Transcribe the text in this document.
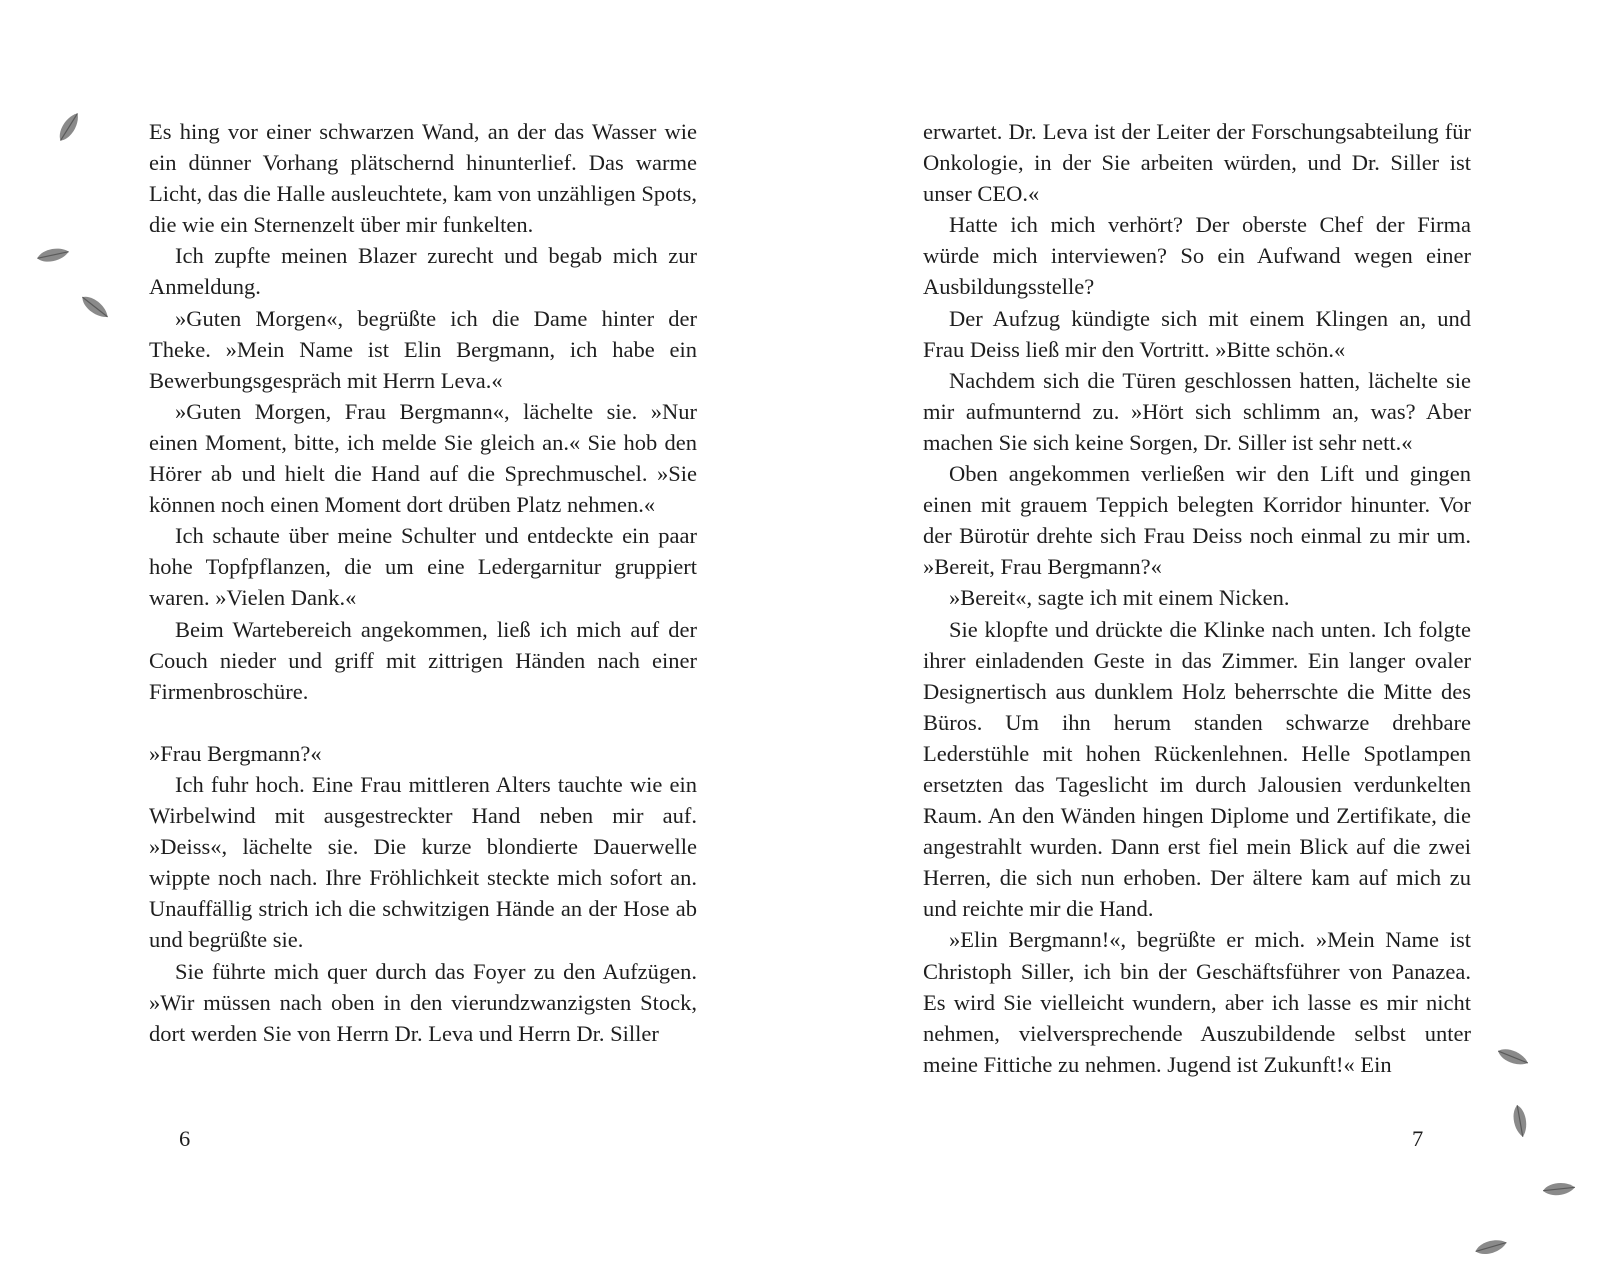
Es hing vor einer schwarzen Wand, an der das Wasser wie ein dünner Vorhang plätschernd hinunterlief. Das warme Licht, das die Halle ausleuchtete, kam von unzähligen Spots, die wie ein Sternenzelt über mir funkelten.

Ich zupfte meinen Blazer zurecht und begab mich zur Anmeldung.

»Guten Morgen«, begrüßte ich die Dame hinter der Theke. »Mein Name ist Elin Bergmann, ich habe ein Bewerbungsgespräch mit Herrn Leva.«

»Guten Morgen, Frau Bergmann«, lächelte sie. »Nur einen Moment, bitte, ich melde Sie gleich an.« Sie hob den Hörer ab und hielt die Hand auf die Sprechmuschel. »Sie können noch einen Moment dort drüben Platz nehmen.«

Ich schaute über meine Schulter und entdeckte ein paar hohe Topfpflanzen, die um eine Ledergarnitur gruppiert waren. »Vielen Dank.«

Beim Wartebereich angekommen, ließ ich mich auf der Couch nieder und griff mit zittrigen Händen nach einer Firmenbroschüre.

»Frau Bergmann?«

Ich fuhr hoch. Eine Frau mittleren Alters tauchte wie ein Wirbelwind mit ausgestreckter Hand neben mir auf. »Deiss«, lächelte sie. Die kurze blondierte Dauerwelle wippte noch nach. Ihre Fröhlichkeit steckte mich sofort an. Unauffällig strich ich die schwitzigen Hände an der Hose ab und begrüßte sie.

Sie führte mich quer durch das Foyer zu den Aufzügen. »Wir müssen nach oben in den vierundzwanzigsten Stock, dort werden Sie von Herrn Dr. Leva und Herrn Dr. Siller

6

erwartet. Dr. Leva ist der Leiter der Forschungsabteilung für Onkologie, in der Sie arbeiten würden, und Dr. Siller ist unser CEO.«

Hatte ich mich verhört? Der oberste Chef der Firma würde mich interviewen? So ein Aufwand wegen einer Ausbildungsstelle?

Der Aufzug kündigte sich mit einem Klingen an, und Frau Deiss ließ mir den Vortritt. »Bitte schön.«

Nachdem sich die Türen geschlossen hatten, lächelte sie mir aufmunternd zu. »Hört sich schlimm an, was? Aber machen Sie sich keine Sorgen, Dr. Siller ist sehr nett.«

Oben angekommen verließen wir den Lift und gingen einen mit grauem Teppich belegten Korridor hinunter. Vor der Bürotür drehte sich Frau Deiss noch einmal zu mir um. »Bereit, Frau Bergmann?«

»Bereit«, sagte ich mit einem Nicken.

Sie klopfte und drückte die Klinke nach unten. Ich folgte ihrer einladenden Geste in das Zimmer. Ein langer ovaler Designertisch aus dunklem Holz beherrschte die Mitte des Büros. Um ihn herum standen schwarze drehbare Lederstühle mit hohen Rückenlehnen. Helle Spotlampen ersetzten das Tageslicht im durch Jalousien verdunkelten Raum. An den Wänden hingen Diplome und Zertifikate, die angestrahlt wurden. Dann erst fiel mein Blick auf die zwei Herren, die sich nun erhoben. Der ältere kam auf mich zu und reichte mir die Hand.

»Elin Bergmann!«, begrüßte er mich. »Mein Name ist Christoph Siller, ich bin der Geschäftsführer von Panazea. Es wird Sie vielleicht wundern, aber ich lasse es mir nicht nehmen, vielversprechende Auszubildende selbst unter meine Fittiche zu nehmen. Jugend ist Zukunft!« Ein

7
